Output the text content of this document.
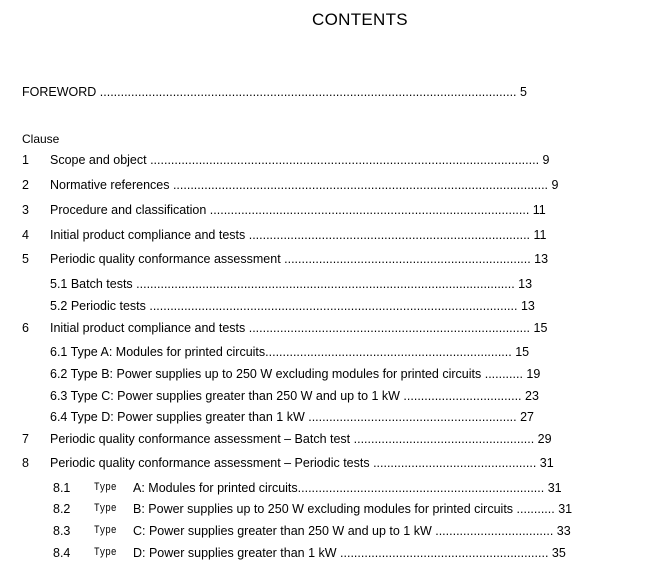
CONTENTS
FOREWORD ........................................................................................................................ 5
Clause
1 Scope and object ................................................................................................................ 9
2 Normative references ............................................................................................................ 9
3 Procedure and classification ............................................................................................ 11
4 Initial product compliance and tests ................................................................................. 11
5 Periodic quality conformance assessment ....................................................................... 13
5.1 Batch tests ............................................................................................................. 13
5.2 Periodic tests .......................................................................................................... 13
6 Initial product compliance and tests ................................................................................. 15
6.1 Type A: Modules for printed circuits....................................................................... 15
6.2 Type B: Power supplies up to 250 W excluding modules for printed circuits ........... 19
6.3 Type C: Power supplies greater than 250 W and up to 1 kW .................................. 23
6.4 Type D: Power supplies greater than 1 kW ............................................................ 27
7 Periodic quality conformance assessment – Batch test .................................................... 29
8 Periodic quality conformance assessment – Periodic tests ............................................... 31
8.1 Type A: Modules for printed circuits....................................................................... 31
8.2 Type B: Power supplies up to 250 W excluding modules for printed circuits ........... 31
8.3 Type C: Power supplies greater than 250 W and up to 1 kW .................................. 33
8.4 Type D: Power supplies greater than 1 kW ............................................................ 35
